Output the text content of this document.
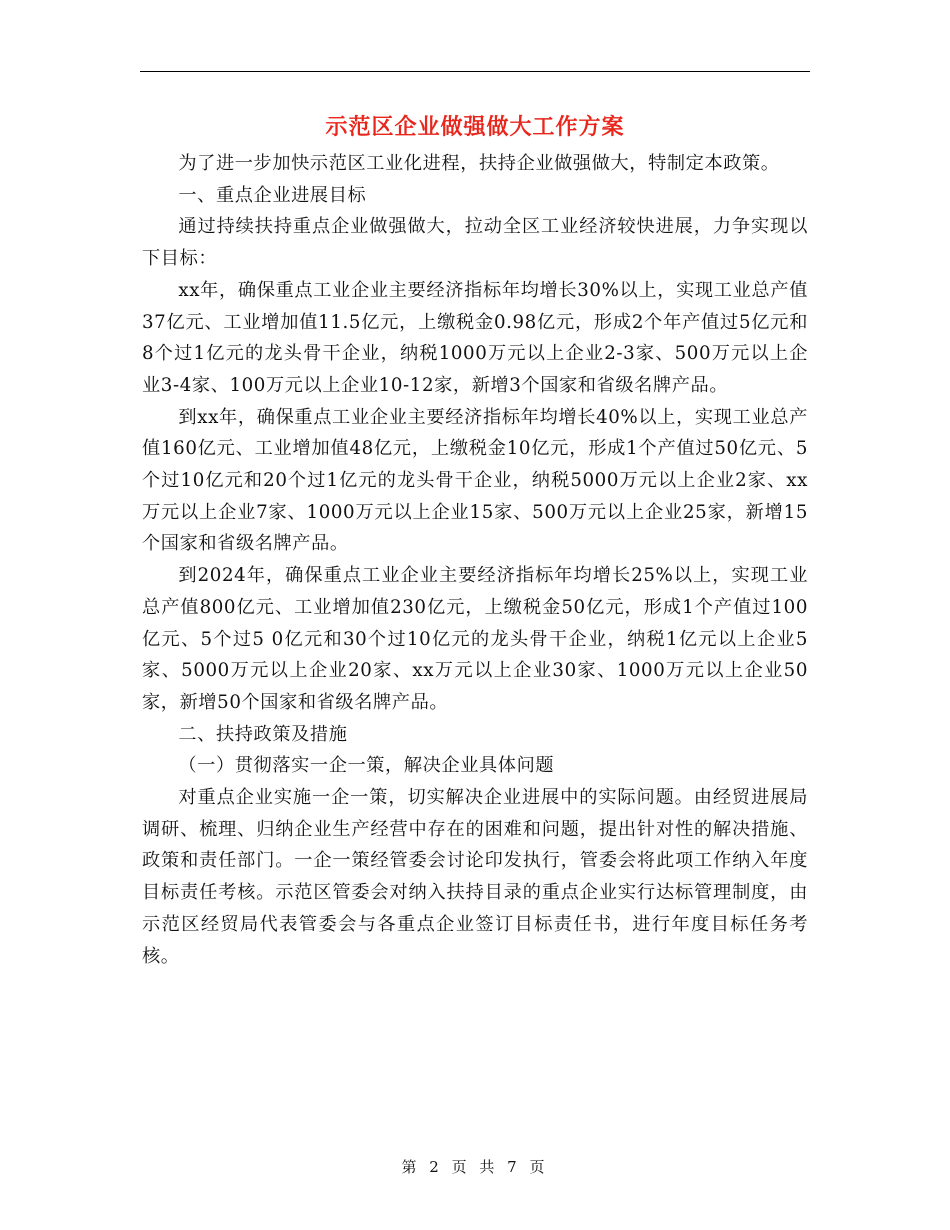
示范区企业做强做大工作方案

为了进一步加快示范区工业化进程，扶持企业做强做大，特制定本政策。

一、重点企业进展目标

通过持续扶持重点企业做强做大，拉动全区工业经济较快进展，力争实现以下目标：

xx年，确保重点工业企业主要经济指标年均增长30%以上，实现工业总产值37亿元、工业增加值11.5亿元，上缴税金0.98亿元，形成2个年产值过5亿元和8个过1亿元的龙头骨干企业，纳税1000万元以上企业2-3家、500万元以上企业3-4家、100万元以上企业10-12家，新增3个国家和省级名牌产品。

到xx年，确保重点工业企业主要经济指标年均增长40%以上，实现工业总产值160亿元、工业增加值48亿元，上缴税金10亿元，形成1个产值过50亿元、5个过10亿元和20个过1亿元的龙头骨干企业，纳税5000万元以上企业2家、xx万元以上企业7家、1000万元以上企业15家、500万元以上企业25家，新增15个国家和省级名牌产品。

到2024年，确保重点工业企业主要经济指标年均增长25%以上，实现工业总产值800亿元、工业增加值230亿元，上缴税金50亿元，形成1个产值过100亿元、5个过5 0亿元和30个过10亿元的龙头骨干企业，纳税1亿元以上企业5家、5000万元以上企业20家、xx万元以上企业30家、1000万元以上企业50家，新增50个国家和省级名牌产品。

二、扶持政策及措施

（一）贯彻落实一企一策，解决企业具体问题

对重点企业实施一企一策，切实解决企业进展中的实际问题。由经贸进展局调研、梳理、归纳企业生产经营中存在的困难和问题，提出针对性的解决措施、政策和责任部门。一企一策经管委会讨论印发执行，管委会将此项工作纳入年度目标责任考核。示范区管委会对纳入扶持目录的重点企业实行达标管理制度，由示范区经贸局代表管委会与各重点企业签订目标责任书，进行年度目标任务考核。

第 2 页 共 7 页
